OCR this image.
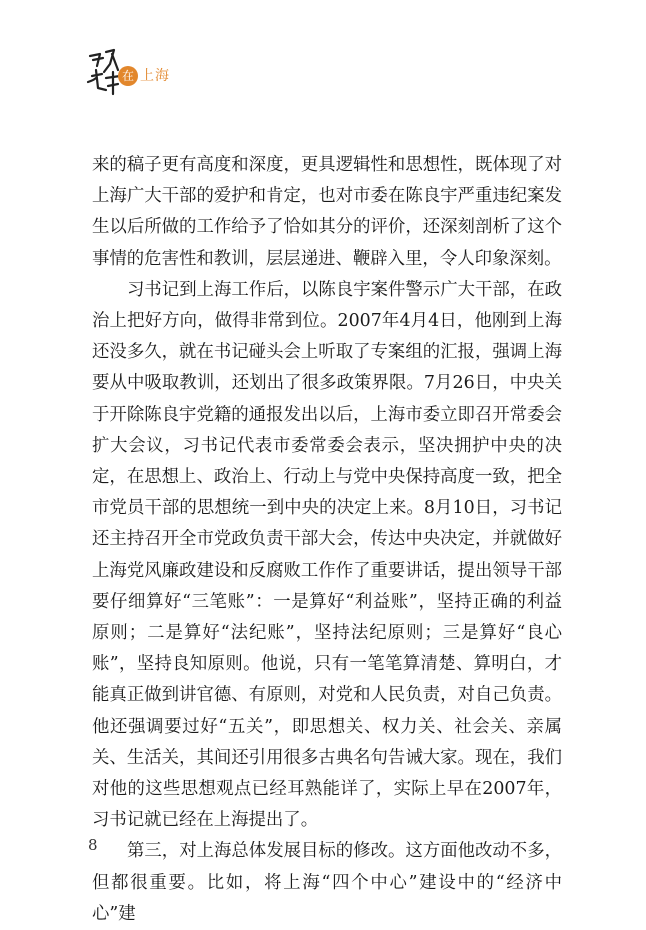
在 上海

来的稿子更有高度和深度，更具逻辑性和思想性，既体现了对上海广大干部的爱护和肯定，也对市委在陈良宇严重违纪案发生以后所做的工作给予了恰如其分的评价，还深刻剖析了这个事情的危害性和教训，层层递进、鞭辟入里，令人印象深刻。

习书记到上海工作后，以陈良宇案件警示广大干部，在政治上把好方向，做得非常到位。2007年4月4日，他刚到上海还没多久，就在书记碰头会上听取了专案组的汇报，强调上海要从中吸取教训，还划出了很多政策界限。7月26日，中央关于开除陈良宇党籍的通报发出以后，上海市委立即召开常委会扩大会议，习书记代表市委常委会表示，坚决拥护中央的决定，在思想上、政治上、行动上与党中央保持高度一致，把全市党员干部的思想统一到中央的决定上来。8月10日，习书记还主持召开全市党政负责干部大会，传达中央决定，并就做好上海党风廉政建设和反腐败工作作了重要讲话，提出领导干部要仔细算好“三笔账”：一是算好“利益账”，坚持正确的利益原则；二是算好“法纪账”，坚持法纪原则；三是算好“良心账”，坚持良知原则。他说，只有一笔笔算清楚、算明白，才能真正做到讲官德、有原则，对党和人民负责，对自己负责。他还强调要过好“五关”，即思想关、权力关、社会关、亲属关、生活关，其间还引用很多古典名句告诫大家。现在，我们对他的这些思想观点已经耳熟能详了，实际上早在2007年，习书记就已经在上海提出了。

第三，对上海总体发展目标的修改。这方面他改动不多，但都很重要。比如，将上海“四个中心”建设中的“经济中心”建

8
